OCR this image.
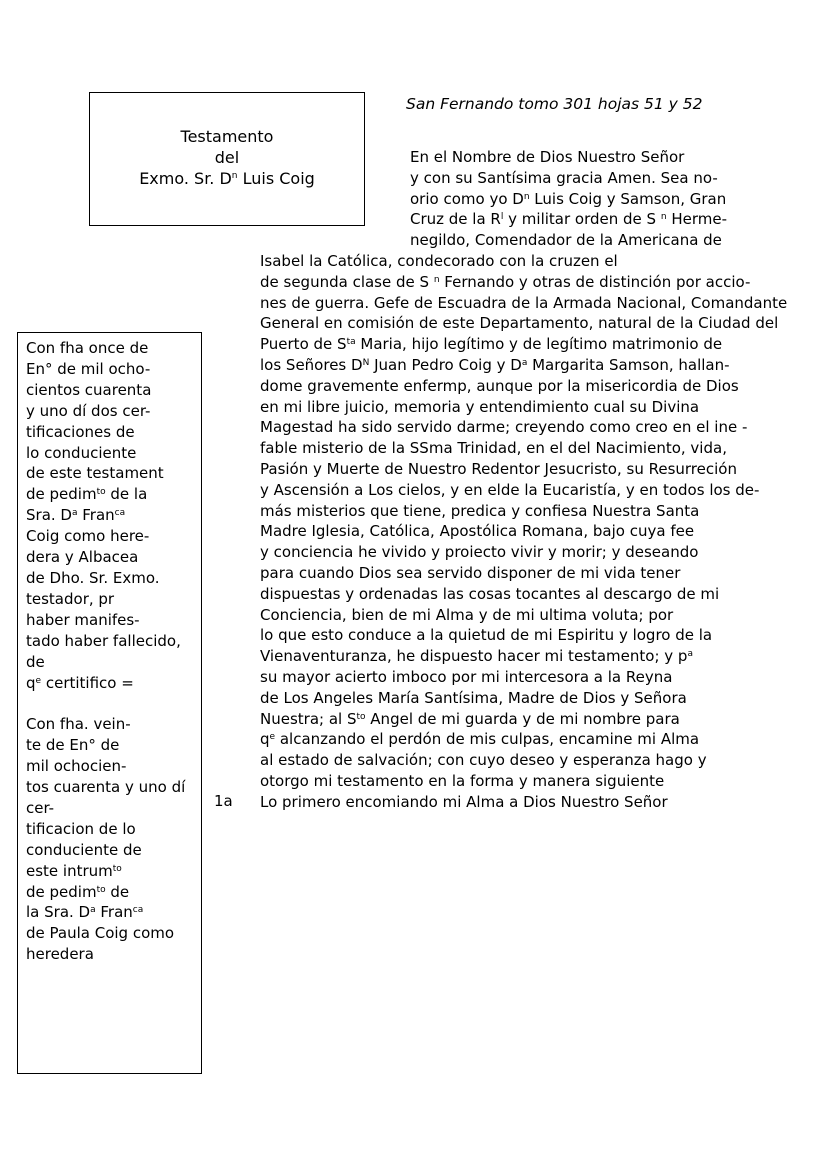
Testamento
del
Exmo. Sr. $D^n$ Luis Coig
San Fernando tomo 301 hojas 51 y 52
Con fha once de
En° de mil ocho-
cientos cuarenta
y uno dí dos cer-
tificaciones de
lo conduciente
de este testament
de pedim$^{to}$ de la
Sra. $D^a$ Fran$^{ca}$
Coig como here-
dera y Albacea
de Dho. Sr. Exmo.
testador, pr
haber manifes-
tado haber fallecido,
de
$q^e$ certitifico =
Con fha. vein-
te de En° de
mil ochocien-
tos cuarenta y uno dí
cer-
tificacion de lo
conduciente de
este intrum$^{to}$
de pedim$^{to}$ de
la Sra. $D^a$ Fran$^{ca}$
de Paula Coig como
heredera
1a
En el Nombre de Dios Nuestro Señor
y con su Santísima gracia Amen. Sea no-
orio como yo $D^n$ Luis Coig y Samson, Gran
Cruz de la $R^l$ y militar orden de S $^n$ Herme-
negildo, Comendador de la Americana de
Isabel la Católica, condecorado con la cruzen el
de segunda clase de S $^n$ Fernando y otras de distinción por accio-
nes de guerra. Gefe de Escuadra de la Armada Nacional, Comandante
General en comisión de este Departamento, natural de la Ciudad del
Puerto de $S^{ta}$ Maria, hijo legítimo y de legítimo matrimonio de
los Señores $D^N$ Juan Pedro Coig y $D^a$ Margarita Samson, hallan-
dome gravemente enfermp, aunque por la misericordia de Dios
en mi libre juicio, memoria y entendimiento cual su Divina
Magestad ha sido servido darme; creyendo como creo en el ine -
fable misterio de la SSma Trinidad, en el del Nacimiento, vida,
Pasión y Muerte de Nuestro Redentor Jesucristo, su Resurreción
y Ascensión a Los cielos, y en elde la Eucaristía, y en todos los de-
más misterios que tiene, predica y confiesa Nuestra Santa
Madre Iglesia, Católica, Apostólica Romana, bajo cuya fee
y conciencia he vivido y proiecto vivir y morir; y deseando
para cuando Dios sea servido disponer de mi vida tener
dispuestas y ordenadas las cosas tocantes al descargo de mi
Conciencia, bien de mi Alma y de mi ultima voluta; por
lo que esto conduce a la quietud de mi Espiritu y logro de la
Vienaventuranza, he dispuesto hacer mi testamento; y $p^a$
su mayor acierto imboco por mi intercesora a la Reyna
de Los Angeles María Santísima, Madre de Dios y Señora
Nuestra; al $S^{to}$ Angel de mi guarda y de mi nombre para
$q^e$ alcanzando el perdón de mis culpas, encamine mi Alma
al estado de salvación; con cuyo deseo y esperanza hago y
otorgo mi testamento en la forma y manera siguiente
Lo primero encomiando mi Alma a Dios Nuestro Señor
